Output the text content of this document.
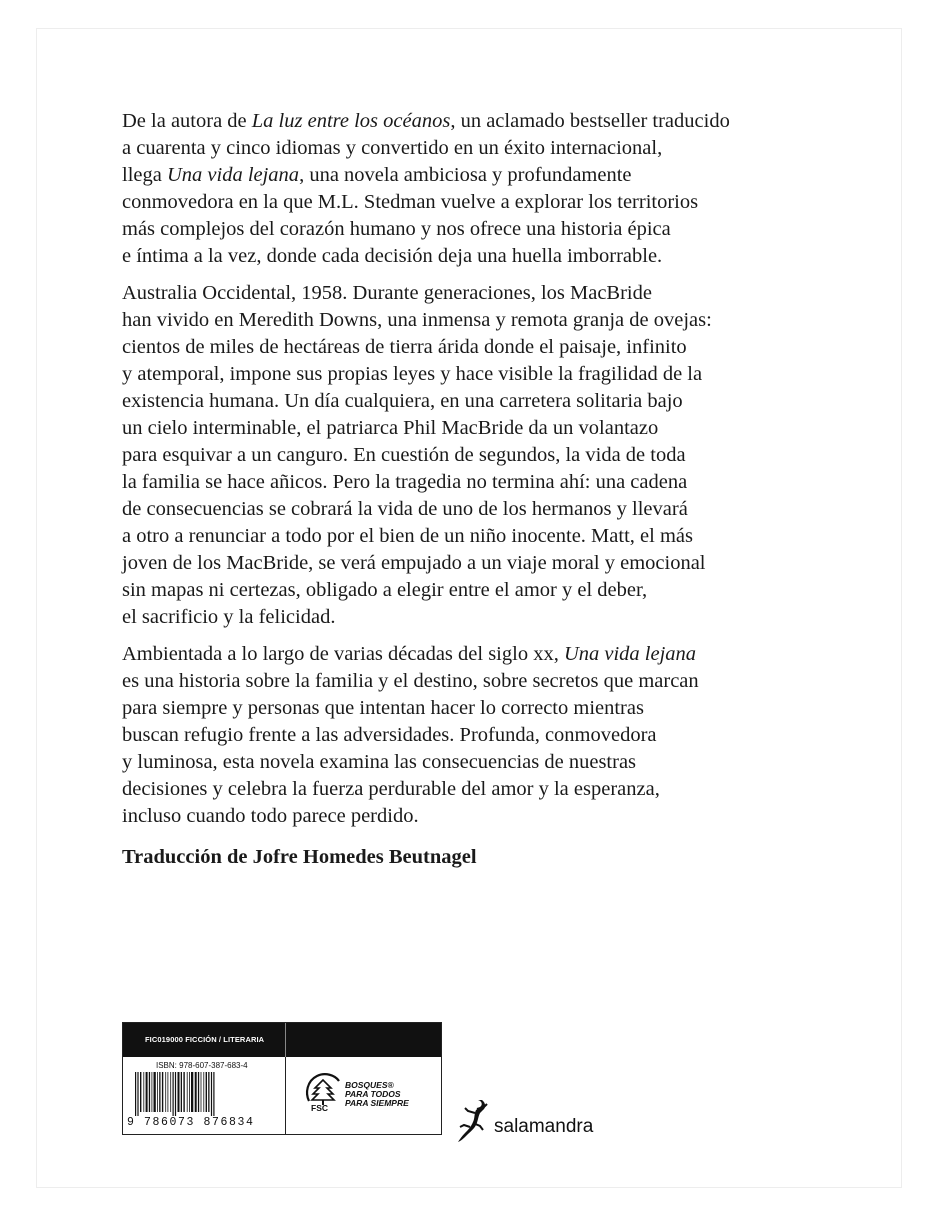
De la autora de La luz entre los océanos, un aclamado bestseller traducido
a cuarenta y cinco idiomas y convertido en un éxito internacional,
llega Una vida lejana, una novela ambiciosa y profundamente
conmovedora en la que M.L. Stedman vuelve a explorar los territorios
más complejos del corazón humano y nos ofrece una historia épica
e íntima a la vez, donde cada decisión deja una huella imborrable.

Australia Occidental, 1958. Durante generaciones, los MacBride
han vivido en Meredith Downs, una inmensa y remota granja de ovejas:
cientos de miles de hectáreas de tierra árida donde el paisaje, infinito
y atemporal, impone sus propias leyes y hace visible la fragilidad de la
existencia humana. Un día cualquiera, en una carretera solitaria bajo
un cielo interminable, el patriarca Phil MacBride da un volantazo
para esquivar a un canguro. En cuestión de segundos, la vida de toda
la familia se hace añicos. Pero la tragedia no termina ahí: una cadena
de consecuencias se cobrará la vida de uno de los hermanos y llevará
a otro a renunciar a todo por el bien de un niño inocente. Matt, el más
joven de los MacBride, se verá empujado a un viaje moral y emocional
sin mapas ni certezas, obligado a elegir entre el amor y el deber,
el sacrificio y la felicidad.

Ambientada a lo largo de varias décadas del siglo xx, Una vida lejana
es una historia sobre la familia y el destino, sobre secretos que marcan
para siempre y personas que intentan hacer lo correcto mientras
buscan refugio frente a las adversidades. Profunda, conmovedora
y luminosa, esta novela examina las consecuencias de nuestras
decisiones y celebra la fuerza perdurable del amor y la esperanza,
incluso cuando todo parece perdido.

Traducción de Jofre Homedes Beutnagel
FIC019000 FICCIÓN / LITERARIA
ISBN: 978-607-387-683-4
9 786073 876834
FSC
BOSQUES®
PARA TODOS
PARA SIEMPRE
salamandra
